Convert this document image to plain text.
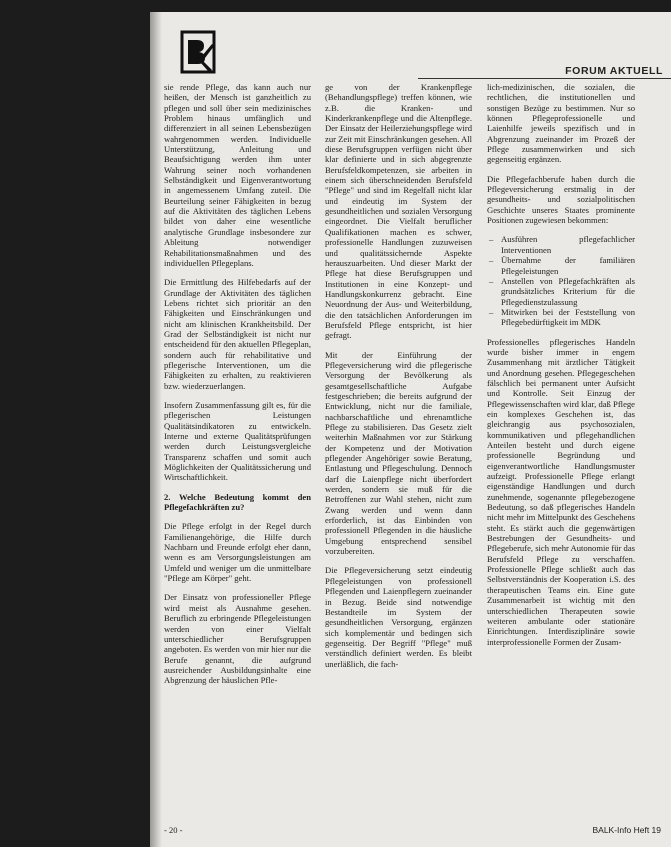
FORUM AKTUELL

sie rende Pflege, das kann auch nur heißen, der Mensch ist ganzheitlich zu pflegen und soll über sein medizinisches Problem hinaus umfänglich und differenziert in all seinen Lebensbezügen wahrgenommen werden. Individuelle Unterstützung, Anleitung und Beaufsichtigung werden ihm unter Wahrung seiner noch vorhandenen Selbständigkeit und Eigenverantwortung in angemessenem Umfang zuteil. Die Beurteilung seiner Fähigkeiten in bezug auf die Aktivitäten des täglichen Lebens bildet von daher eine wesentliche analytische Grundlage insbesondere zur Ableitung notwendiger Rehabilitationsmaßnahmen und des individuellen Pflegeplans.

Die Ermittlung des Hilfebedarfs auf der Grundlage der Aktivitäten des täglichen Lebens richtet sich prioritär an den Fähigkeiten und Einschränkungen und nicht am klinischen Krankheitsbild. Der Grad der Selbständigkeit ist nicht nur entscheidend für den aktuellen Pflegeplan, sondern auch für rehabilitative und pflegerische Interventionen, um die Fähigkeiten zu erhalten, zu reaktivieren bzw. wiederzuerlangen.

Insofern Zusammenfassung gilt es, für die pflegerischen Leistungen Qualitätsindikatoren zu entwickeln. Interne und externe Qualitätsprüfungen werden durch Leistungsvergleiche Transparenz schaffen und somit auch Möglichkeiten der Qualitätssicherung und Wirtschaftlichkeit.

2. Welche Bedeutung kommt den Pflegefachkräften zu?

Die Pflege erfolgt in der Regel durch Familienangehörige, die Hilfe durch Nachbarn und Freunde erfolgt eher dann, wenn es am Versorgungsleistungen am Umfeld und weniger um die unmittelbare "Pflege am Körper" geht.

Der Einsatz von professioneller Pflege wird meist als Ausnahme gesehen. Beruflich zu erbringende Pflegeleistungen werden von einer Vielfalt unterschiedlicher Berufsgruppen angeboten. Es werden von mir hier nur die Berufe genannt, die aufgrund ausreichender Ausbildungsinhalte eine Abgrenzung der häuslichen Pfle-

ge von der Krankenpflege (Behandlungspflege) treffen können, wie z.B. die Kranken- und Kinderkrankenpflege und die Altenpflege. Der Einsatz der Heilerziehungspflege wird zur Zeit mit Einschränkungen gesehen. All diese Berufsgruppen verfügen nicht über klar definierte und in sich abgegrenzte Berufsfeldkompetenzen, sie arbeiten in einem sich überschneidenden Berufsfeld "Pflege" und sind im Regelfall nicht klar und eindeutig im System der gesundheitlichen und sozialen Versorgung eingeordnet. Die Vielfalt beruflicher Qualifikationen machen es schwer, professionelle Handlungen zuzuweisen und qualitätssichernde Aspekte herauszuarbeiten. Und dieser Markt der Pflege hat diese Berufsgruppen und Institutionen in eine Konzept- und Handlungskonkurrenz gebracht. Eine Neuordnung der Aus- und Weiterbildung, die den tatsächlichen Anforderungen im Berufsfeld Pflege entspricht, ist hier gefragt.

Mit der Einführung der Pflegeversicherung wird die pflegerische Versorgung der Bevölkerung als gesamtgesellschaftliche Aufgabe festgeschrieben; die bereits aufgrund der Entwicklung, nicht nur die familiale, nachbarschaftliche und ehrenamtliche Pflege zu stabilisieren. Das Gesetz zielt weiterhin Maßnahmen vor zur Stärkung der Kompetenz und der Motivation pflegender Angehöriger sowie Beratung, Entlastung und Pflegeschulung. Dennoch darf die Laienpflege nicht überfordert werden, sondern sie muß für die Betroffenen zur Wahl stehen, nicht zum Zwang werden und wenn dann erforderlich, ist das Einbinden von professionell Pflegenden in die häusliche Umgebung entsprechend sensibel vorzubereiten.

Die Pflegeversicherung setzt eindeutig Pflegeleistungen von professionell Pflegenden und Laienpflegern zueinander in Bezug. Beide sind notwendige Bestandteile im System der gesundheitlichen Versorgung, ergänzen sich komplementär und bedingen sich gegenseitig. Der Begriff "Pflege" muß verständlich definiert werden. Es bleibt unerläßlich, die fach-

lich-medizinischen, die sozialen, die rechtlichen, die institutionellen und sonstigen Bezüge zu bestimmen. Nur so können Pflegeprofessionelle und Laienhilfe jeweils spezifisch und in Abgrenzung zueinander im Prozeß der Pflege zusammenwirken und sich gegenseitig ergänzen.

Die Pflegefachberufe haben durch die Pflegeversicherung erstmalig in der gesundheits- und sozialpolitischen Geschichte unseres Staates prominente Positionen zugewiesen bekommen:

– Ausführen pflegefachlicher Interventionen
– Übernahme der familiären Pflegeleistungen
– Anstellen von Pflegefachkräften als grundsätzliches Kriterium für die Pflegedienstzulassung
– Mitwirken bei der Feststellung von Pflegebedürftigkeit im MDK

Professionelles pflegerisches Handeln wurde bisher immer in engem Zusammenhang mit ärztlicher Tätigkeit und Anordnung gesehen. Pflegegeschehen fälschlich bei permanent unter Aufsicht und Kontrolle. Seit Einzug der Pflegewissenschaften wird klar, daß Pflege ein komplexes Geschehen ist, das gleichrangig aus psychosozialen, kommunikativen und pflegehandlichen Anteilen besteht und durch eigene professionelle Begründung und eigenverantwortliche Handlungsmuster aufzeigt. Professionelle Pflege erlangt eigenständige Handlungen und durch zunehmende, sogenannte pflegebezogene Bedeutung, so daß pflegerisches Handeln nicht mehr im Mittelpunkt des Geschehens steht. Es stärkt auch die gegenwärtigen Bestrebungen der Gesundheits- und Pflegeberufe, sich mehr Autonomie für das Berufsfeld Pflege zu verschaffen. Professionelle Pflege schließt auch das Selbstverständnis der Kooperation i.S. des therapeutischen Teams ein. Eine gute Zusammenarbeit ist wichtig mit den unterschiedlichen Therapeuten sowie weiteren ambulante oder stationäre Einrichtungen. Interdisziplinäre sowie interprofessionelle Formen der Zusam-

- 20 -	BALK-Info Heft 19
